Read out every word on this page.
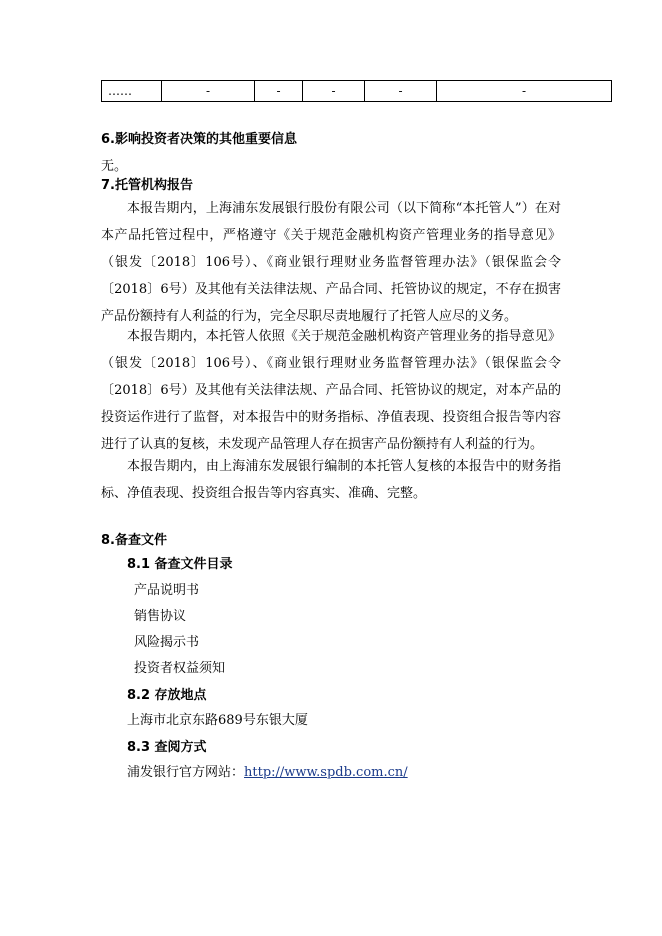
……	-	-	-	-	-
6.影响投资者决策的其他重要信息
无。
7.托管机构报告
本报告期内，上海浦东发展银行股份有限公司（以下简称“本托管人”）在对本产品托管过程中，严格遵守《关于规范金融机构资产管理业务的指导意见》（银发〔2018〕106号）、《商业银行理财业务监督管理办法》（银保监会令〔2018〕6号）及其他有关法律法规、产品合同、托管协议的规定，不存在损害产品份额持有人利益的行为，完全尽职尽责地履行了托管人应尽的义务。
本报告期内，本托管人依照《关于规范金融机构资产管理业务的指导意见》（银发〔2018〕106号）、《商业银行理财业务监督管理办法》（银保监会令〔2018〕6号）及其他有关法律法规、产品合同、托管协议的规定，对本产品的投资运作进行了监督，对本报告中的财务指标、净值表现、投资组合报告等内容进行了认真的复核，未发现产品管理人存在损害产品份额持有人利益的行为。
本报告期内，由上海浦东发展银行编制的本托管人复核的本报告中的财务指标、净值表现、投资组合报告等内容真实、准确、完整。
8.备查文件
8.1 备查文件目录
产品说明书
销售协议
风险揭示书
投资者权益须知
8.2 存放地点
上海市北京东路689号东银大厦
8.3 查阅方式
浦发银行官方网站：http://www.spdb.com.cn/
